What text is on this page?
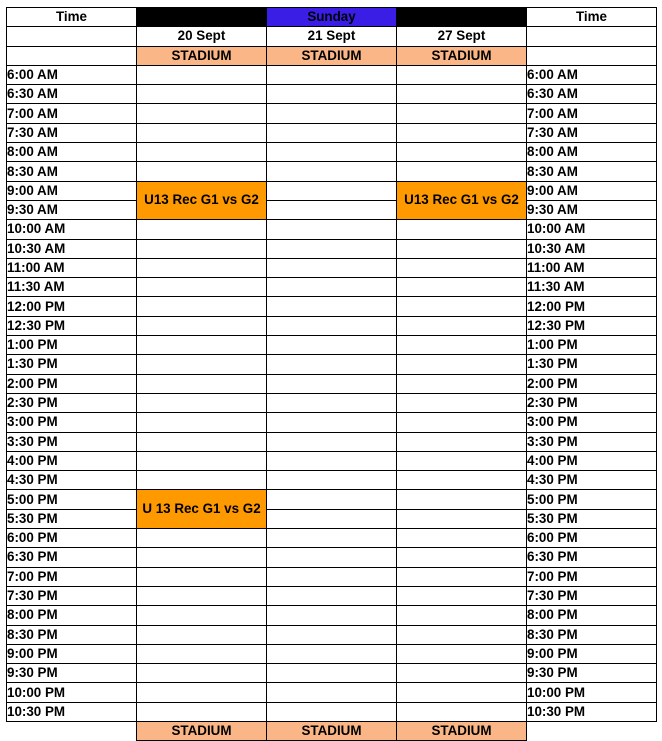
Time	Saturday	Sunday	Saturday	Time
	20 Sept	21 Sept	27 Sept	
	STADIUM	STADIUM	STADIUM	
6:00 AM				6:00 AM
6:30 AM				6:30 AM
7:00 AM				7:00 AM
7:30 AM				7:30 AM
8:00 AM				8:00 AM
8:30 AM				8:30 AM
9:00 AM	U13 Rec G1 vs G2		U13 Rec G1 vs G2	9:00 AM
9:30 AM				9:30 AM
10:00 AM				10:00 AM
10:30 AM				10:30 AM
11:00 AM				11:00 AM
11:30 AM				11:30 AM
12:00 PM				12:00 PM
12:30 PM				12:30 PM
1:00 PM				1:00 PM
1:30 PM				1:30 PM
2:00 PM				2:00 PM
2:30 PM				2:30 PM
3:00 PM				3:00 PM
3:30 PM				3:30 PM
4:00 PM				4:00 PM
4:30 PM				4:30 PM
5:00 PM	U 13 Rec G1 vs G2			5:00 PM
5:30 PM				5:30 PM
6:00 PM				6:00 PM
6:30 PM				6:30 PM
7:00 PM				7:00 PM
7:30 PM				7:30 PM
8:00 PM				8:00 PM
8:30 PM				8:30 PM
9:00 PM				9:00 PM
9:30 PM				9:30 PM
10:00 PM				10:00 PM
10:30 PM				10:30 PM
	STADIUM	STADIUM	STADIUM	
